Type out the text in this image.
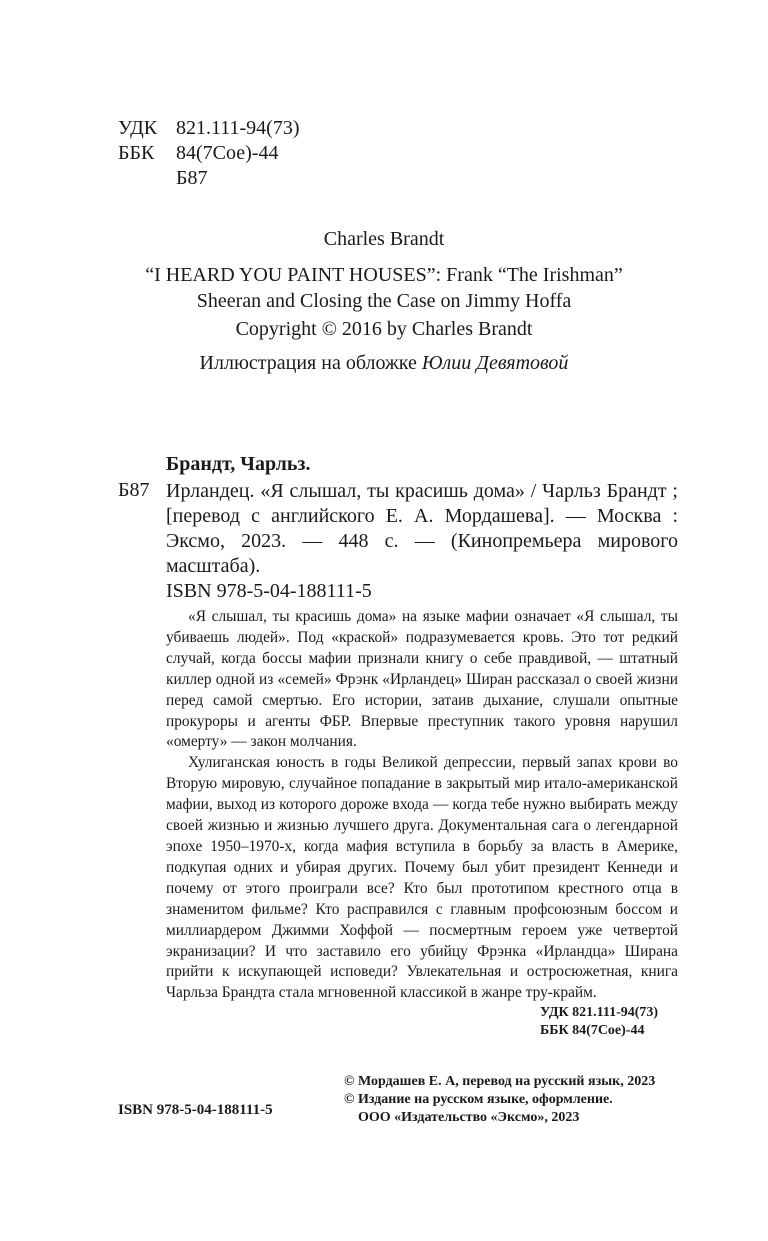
УДК 821.111-94(73)
ББК	84(7Сое)-44
Б87
Charles Brandt
“I HEARD YOU PAINT HOUSES”: Frank “The Irishman”
Sheeran and Closing the Case on Jimmy Hoffa
Copyright © 2016 by Charles Brandt
Иллюстрация на обложке Юлии Девятовой
Брандт, Чарльз.
Б87 Ирландец. «Я слышал, ты красишь дома» / Чарльз Брандт ; [перевод с английского Е. А. Мордашева]. — Москва : Эксмо, 2023. — 448 с. — (Кинопремьера мирового масштаба).
ISBN 978-5-04-188111-5

«Я слышал, ты красишь дома» на языке мафии означает «Я слышал, ты убиваешь людей». Под «краской» подразумевается кровь. Это тот редкий случай, когда боссы мафии признали книгу о себе правдивой, — штатный киллер одной из «семей» Фрэнк «Ирландец» Ширан рассказал о своей жизни перед самой смертью. Его истории, затаив дыхание, слушали опытные прокуроры и агенты ФБР. Впервые преступник такого уровня нарушил «омерту» — закон молчания.

Хулиганская юность в годы Великой депрессии, первый запах крови во Вторую мировую, случайное попадание в закрытый мир итало-американской мафии, выход из которого дороже входа — когда тебе нужно выбирать между своей жизнью и жизнью лучшего друга. Документальная сага о легендарной эпохе 1950–1970-х, когда мафия вступила в борьбу за власть в Америке, подкупая одних и убирая других. Почему был убит президент Кеннеди и почему от этого проиграли все? Кто был прототипом крестного отца в знаменитом фильме? Кто расправился с главным профсоюзным боссом и миллиардером Джимми Хоффой — посмертным героем уже четвертой экранизации? И что заставило его убийцу Фрэнка «Ирландца» Ширана прийти к искупающей исповеди? Увлекательная и остросюжетная, книга Чарльза Брандта стала мгновенной классикой в жанре тру-крайм.

УДК 821.111-94(73)
ББК 84(7Сое)-44
© Мордашев Е. А, перевод на русский язык, 2023
© Издание на русском языке, оформление.
ООО «Издательство «Эксмо», 2023
ISBN 978-5-04-188111-5
